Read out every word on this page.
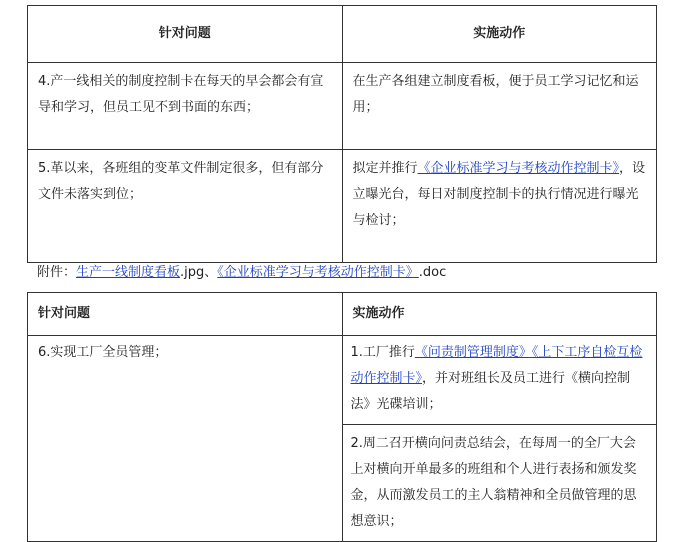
针对问题	实施动作
4.产一线相关的制度控制卡在每天的早会都会有宣导和学习，但员工见不到书面的东西；	在生产各组建立制度看板，便于员工学习记忆和运用；
5.革以来，各班组的变革文件制定很多，但有部分文件未落实到位；	拟定并推行《企业标准学习与考核动作控制卡》，设立曝光台，每日对制度控制卡的执行情况进行曝光与检讨；
附件：生产一线制度看板.jpg、《企业标准学习与考核动作控制卡》.doc
针对问题	实施动作
6.实现工厂全员管理；	1.工厂推行《问责制管理制度》《上下工序自检互检动作控制卡》，并对班组长及员工进行《横向控制法》光碟培训；
2.周二召开横向问责总结会，在每周一的全厂大会上对横向开单最多的班组和个人进行表扬和颁发奖金，从而激发员工的主人翁精神和全员做管理的思想意识；
